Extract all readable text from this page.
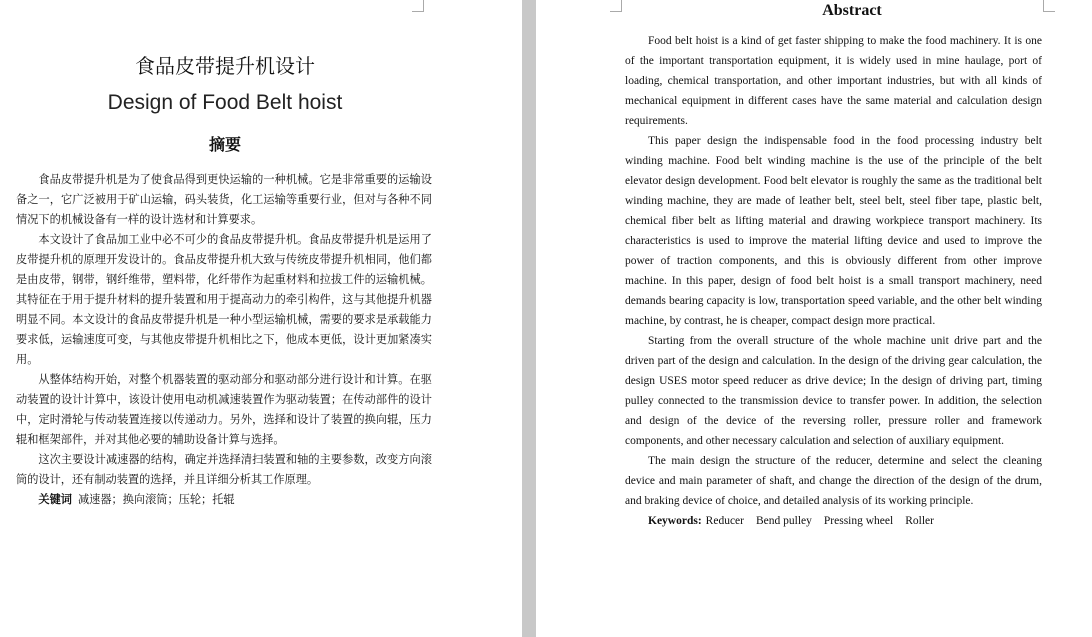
食品皮带提升机设计
Design of Food Belt hoist
摘要

食品皮带提升机是为了使食品得到更快运输的一种机械。它是非常重要的运输设备之一，它广泛被用于矿山运输，码头装货，化工运输等重要行业，但对与各种不同情况下的机械设备有一样的设计选材和计算要求。

本文设计了食品加工业中必不可少的食品皮带提升机。食品皮带提升机是运用了皮带提升机的原理开发设计的。食品皮带提升机大致与传统皮带提升机相同，他们都是由皮带，钢带，钢纤维带，塑料带，化纤带作为起重材料和拉拔工件的运输机械。其特征在于用于提升材料的提升装置和用于提高动力的牵引构件，这与其他提升机器明显不同。本文设计的食品皮带提升机是一种小型运输机械，需要的要求是承载能力要求低，运输速度可变，与其他皮带提升机相比之下，他成本更低，设计更加紧凑实用。

从整体结构开始，对整个机器装置的驱动部分和驱动部分进行设计和计算。在驱动装置的设计计算中，该设计使用电动机减速装置作为驱动装置；在传动部件的设计中，定时滑轮与传动装置连接以传递动力。另外，选择和设计了装置的换向辊，压力辊和框架部件，并对其他必要的辅助设备计算与选择。

这次主要设计减速器的结构，确定并选择清扫装置和轴的主要参数，改变方向滚筒的设计，还有制动装置的选择，并且详细分析其工作原理。

关键词 减速器；换向滚筒；压轮；托辊

Abstract

Food belt hoist is a kind of get faster shipping to make the food machinery. It is one of the important transportation equipment, it is widely used in mine haulage, port of loading, chemical transportation, and other important industries, but with all kinds of mechanical equipment in different cases have the same material and calculation design requirements.

This paper design the indispensable food in the food processing industry belt winding machine. Food belt winding machine is the use of the principle of the belt elevator design development. Food belt elevator is roughly the same as the traditional belt winding machine, they are made of leather belt, steel belt, steel fiber tape, plastic belt, chemical fiber belt as lifting material and drawing workpiece transport machinery. Its characteristics is used to improve the material lifting device and used to improve the power of traction components, and this is obviously different from other improve machine. In this paper, design of food belt hoist is a small transport machinery, need demands bearing capacity is low, transportation speed variable, and the other belt winding machine, by contrast, he is cheaper, compact design more practical.

Starting from the overall structure of the whole machine unit drive part and the driven part of the design and calculation. In the design of the driving gear calculation, the design USES motor speed reducer as drive device; In the design of driving part, timing pulley connected to the transmission device to transfer power. In addition, the selection and design of the device of the reversing roller, pressure roller and framework components, and other necessary calculation and selection of auxiliary equipment.

The main design the structure of the reducer, determine and select the cleaning device and main parameter of shaft, and change the direction of the design of the drum, and braking device of choice, and detailed analysis of its working principle.

Keywords: Reducer Bend pulley Pressing wheel Roller
